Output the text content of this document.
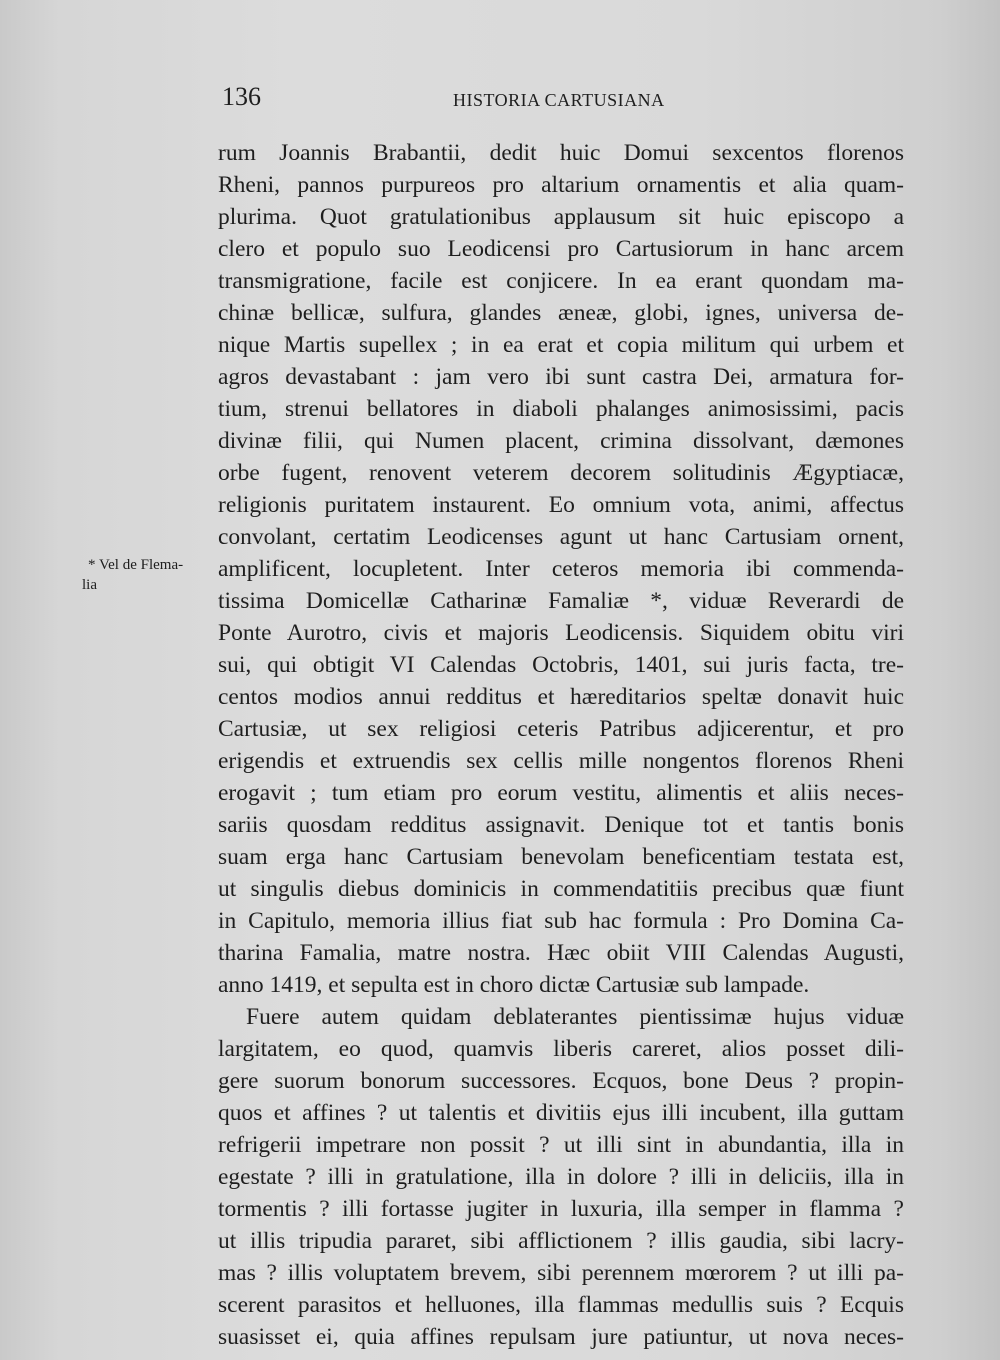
136	HISTORIA CARTUSIANA
* Vel de Flema-
lia
rum Joannis Brabantii, dedit huic Domui sexcentos florenos
Rheni, pannos purpureos pro altarium ornamentis et alia quam-
plurima. Quot gratulationibus applausum sit huic episcopo a
clero et populo suo Leodicensi pro Cartusiorum in hanc arcem
transmigratione, facile est conjicere. In ea erant quondam ma-
chinæ bellicæ, sulfura, glandes æneæ, globi, ignes, universa de-
nique Martis supellex ; in ea erat et copia militum qui urbem et
agros devastabant : jam vero ibi sunt castra Dei, armatura for-
tium, strenui bellatores in diaboli phalanges animosissimi, pacis
divinæ filii, qui Numen placent, crimina dissolvant, dæmones
orbe fugent, renovent veterem decorem solitudinis Ægyptiacæ,
religionis puritatem instaurent. Eo omnium vota, animi, affectus
convolant, certatim Leodicenses agunt ut hanc Cartusiam ornent,
amplificent, locupletent. Inter ceteros memoria ibi commenda-
tissima Domicellæ Catharinæ Famaliæ *, viduæ Reverardi de
Ponte Aurotro, civis et majoris Leodicensis. Siquidem obitu viri
sui, qui obtigit VI Calendas Octobris, 1401, sui juris facta, tre-
centos modios annui redditus et hæreditarios speltæ donavit huic
Cartusiæ, ut sex religiosi ceteris Patribus adjicerentur, et pro
erigendis et extruendis sex cellis mille nongentos florenos Rheni
erogavit ; tum etiam pro eorum vestitu, alimentis et aliis neces-
sariis quosdam redditus assignavit. Denique tot et tantis bonis
suam erga hanc Cartusiam benevolam beneficentiam testata est,
ut singulis diebus dominicis in commendatitiis precibus quæ fiunt
in Capitulo, memoria illius fiat sub hac formula : Pro Domina Ca-
tharina Famalia, matre nostra. Hæc obiit VIII Calendas Augusti,
anno 1419, et sepulta est in choro dictæ Cartusiæ sub lampade.
Fuere autem quidam deblaterantes pientissimæ hujus viduæ
largitatem, eo quod, quamvis liberis careret, alios posset dili-
gere suorum bonorum successores. Ecquos, bone Deus ? propin-
quos et affines ? ut talentis et divitiis ejus illi incubent, illa guttam
refrigerii impetrare non possit ? ut illi sint in abundantia, illa in
egestate ? illi in gratulatione, illa in dolore ? illi in deliciis, illa in
tormentis ? illi fortasse jugiter in luxuria, illa semper in flamma ?
ut illis tripudia pararet, sibi afflictionem ? illis gaudia, sibi lacry-
mas ? illis voluptatem brevem, sibi perennem mœrorem ? ut illi pa-
scerent parasitos et helluones, illa flammas medullis suis ? Ecquis
suasisset ei, quia affines repulsam jure patiuntur, ut nova neces-
